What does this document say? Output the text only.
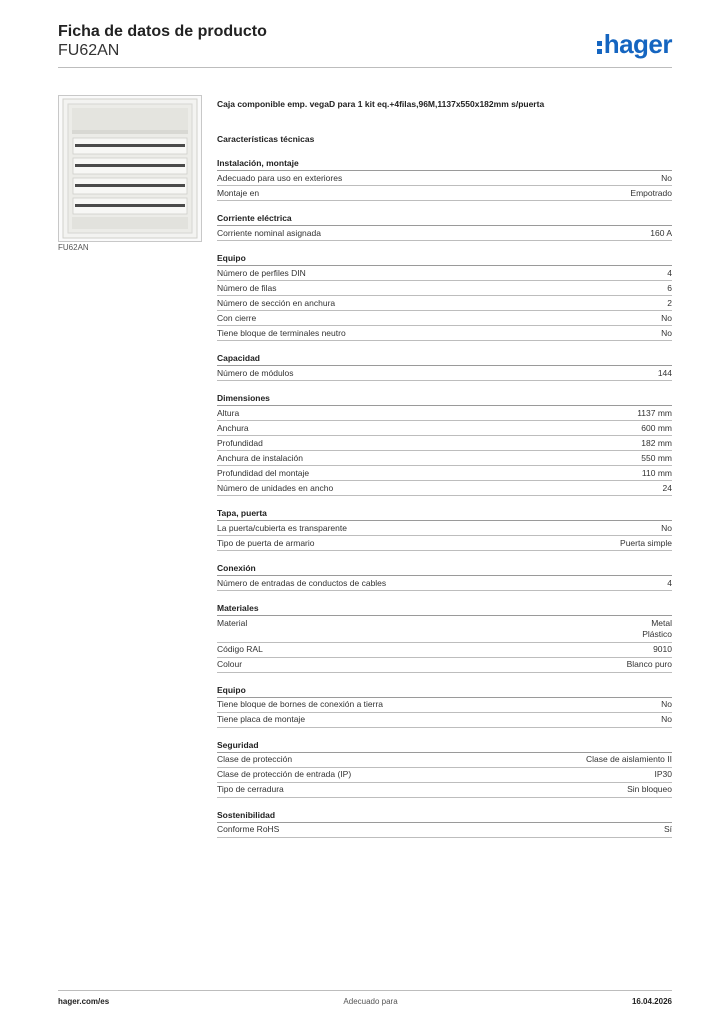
Ficha de datos de producto
FU62AN	hager
FU62AN
Caja componible emp. vegaD para 1 kit eq.+4filas,96M,1137x550x182mm s/puerta
Características técnicas
Instalación, montaje
Adecuado para uso en exteriores	No
Montaje en	Empotrado
Corriente eléctrica
Corriente nominal asignada	160 A
Equipo
Número de perfiles DIN	4
Número de filas	6
Número de sección en anchura	2
Con cierre	No
Tiene bloque de terminales neutro	No
Capacidad
Número de módulos	144
Dimensiones
Altura	1137 mm
Anchura	600 mm
Profundidad	182 mm
Anchura de instalación	550 mm
Profundidad del montaje	110 mm
Número de unidades en ancho	24
Tapa, puerta
La puerta/cubierta es transparente	No
Tipo de puerta de armario	Puerta simple
Conexión
Número de entradas de conductos de cables	4
Materiales
Material	Metal
Plástico
Código RAL	9010
Colour	Blanco puro
Equipo
Tiene bloque de bornes de conexión a tierra	No
Tiene placa de montaje	No
Seguridad
Clase de protección	Clase de aislamiento II
Clase de protección de entrada (IP)	IP30
Tipo de cerradura	Sin bloqueo
Sostenibilidad
Conforme RoHS	Sí
hager.com/es	Adecuado para	16.04.2026
